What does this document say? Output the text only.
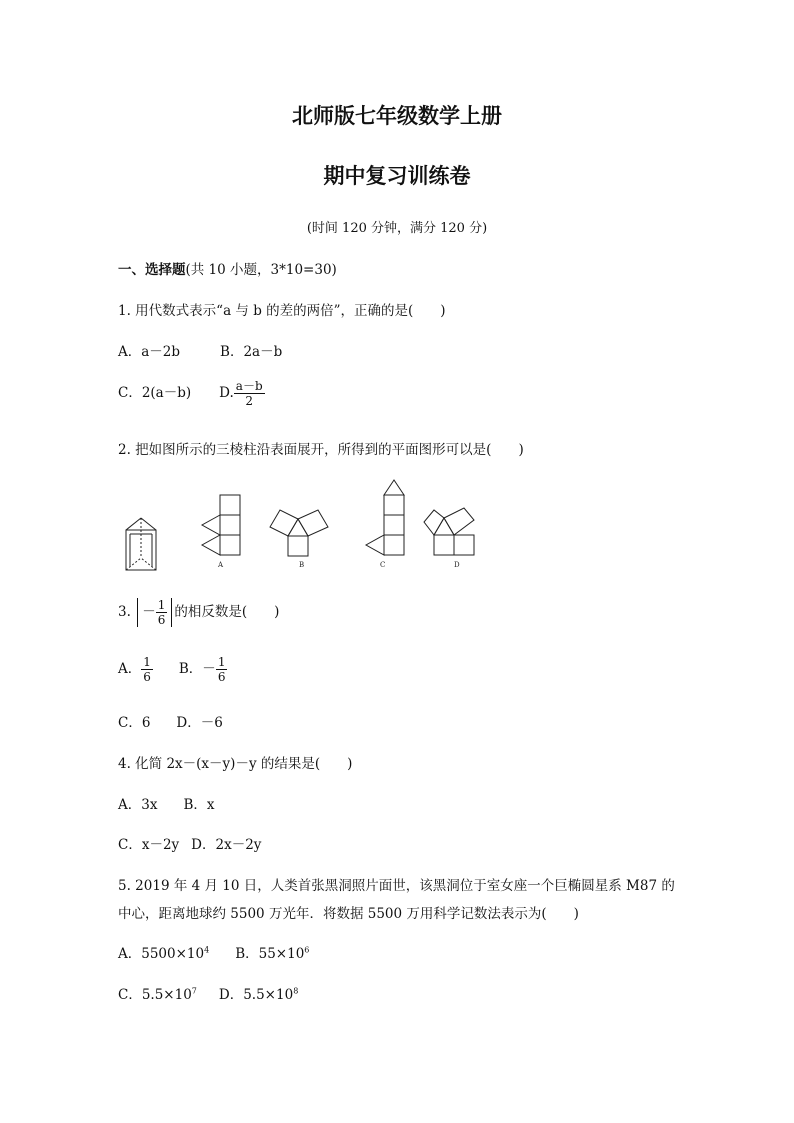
北师版七年级数学上册
期中复习训练卷
(时间 120 分钟，满分 120 分)
一、选择题(共 10 小题，3*10=30)
1. 用代数式表示“a 与 b 的差的两倍”，正确的是(　　)
A．a－2b	B．2a－b
C．2(a－b) D. $\frac{a-b}{2}$
2. 把如图所示的三棱柱沿表面展开，所得到的平面图形可以是(　　)
A	B	C	D
3. － $\frac{1}{6}$ 的相反数是(　　)
A． $\frac{1}{6}$ B．－ $\frac{1}{6}$
C．6 D．－6
4. 化简 2x－(x－y)－y 的结果是(　　)
A．3x B．x
C．x－2y D．2x－2y
5. 2019 年 4 月 10 日，人类首张黑洞照片面世，该黑洞位于室女座一个巨椭圆星系 M87 的
中心，距离地球约 5500 万光年．将数据 5500 万用科学记数法表示为(　　)
A．$5500\times 10^4$ B．$55\times 10^6$
C．$5.5\times 10^7$ D．$5.5\times 10^8$
